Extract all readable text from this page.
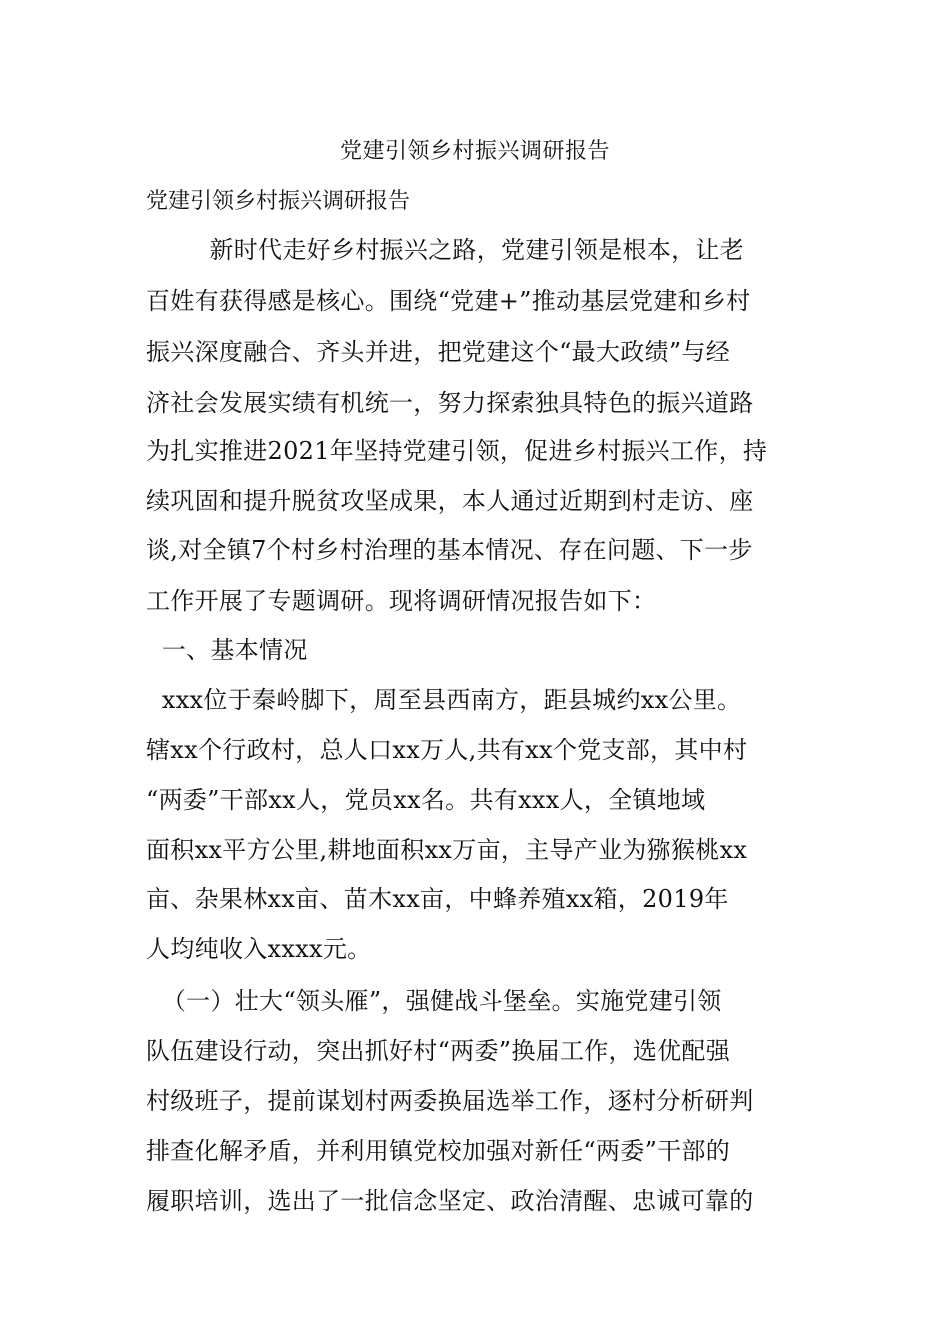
党建引领乡村振兴调研报告
党建引领乡村振兴调研报告
新时代走好乡村振兴之路，党建引领是根本，让老
百姓有获得感是核心。围绕“党建+”推动基层党建和乡村
振兴深度融合、齐头并进，把党建这个“最大政绩”与经
济社会发展实绩有机统一，努力探索独具特色的振兴道路
为扎实推进2021年坚持党建引领，促进乡村振兴工作，持
续巩固和提升脱贫攻坚成果，本人通过近期到村走访、座
谈,对全镇7个村乡村治理的基本情况、存在问题、下一步
工作开展了专题调研。现将调研情况报告如下：
一、基本情况
xxx位于秦岭脚下，周至县西南方，距县城约xx公里。
辖xx个行政村，总人口xx万人,共有xx个党支部，其中村
“两委”干部xx人，党员xx名。共有xxx人，全镇地域
面积xx平方公里,耕地面积xx万亩，主导产业为猕猴桃xx
亩、杂果林xx亩、苗木xx亩，中蜂养殖xx箱，2019年
人均纯收入xxxx元。
（一）壮大“领头雁”，强健战斗堡垒。实施党建引领
队伍建设行动，突出抓好村“两委”换届工作，选优配强
村级班子，提前谋划村两委换届选举工作，逐村分析研判
排查化解矛盾，并利用镇党校加强对新任“两委”干部的
履职培训，选出了一批信念坚定、政治清醒、忠诚可靠的
